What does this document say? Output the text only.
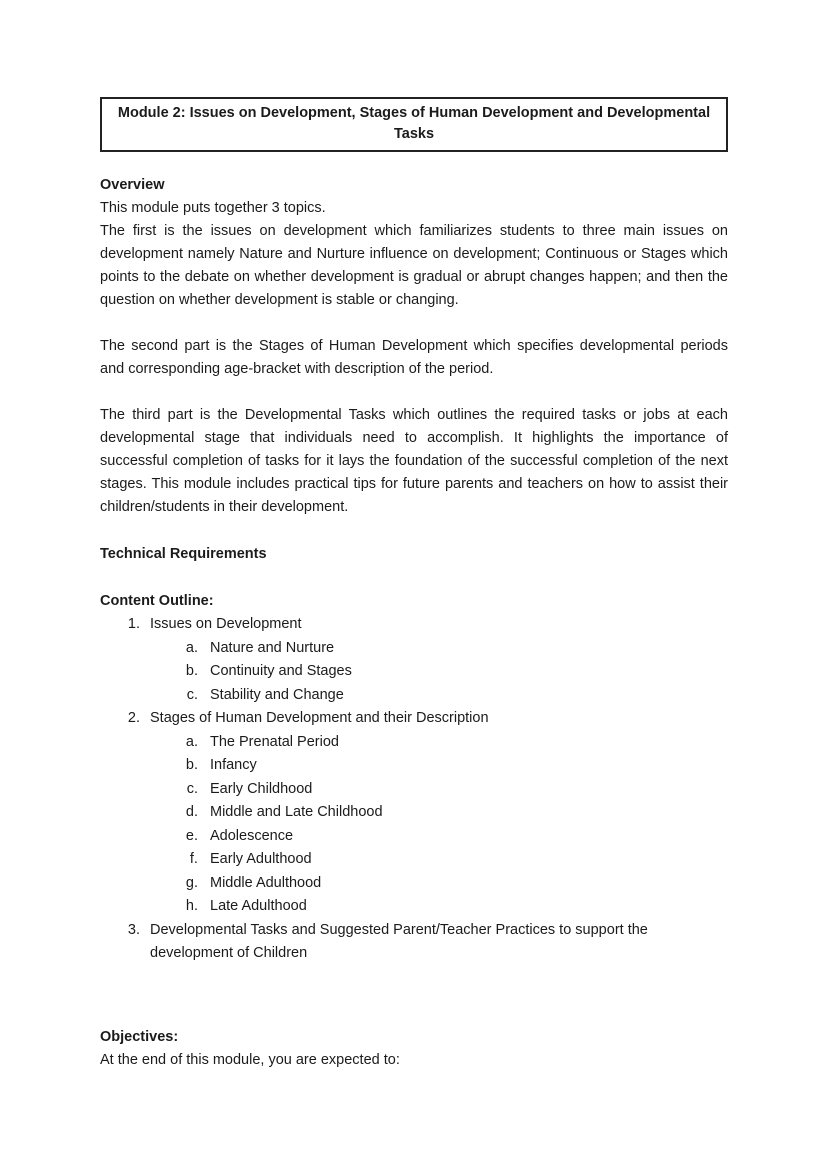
Module 2: Issues on Development, Stages of Human Development and Developmental Tasks

Overview

This module puts together 3 topics.

The first is the issues on development which familiarizes students to three main issues on development namely Nature and Nurture influence on development; Continuous or Stages which points to the debate on whether development is gradual or abrupt changes happen; and then the question on whether development is stable or changing.

The second part is the Stages of Human Development which specifies developmental periods and corresponding age-bracket with description of the period.

The third part is the Developmental Tasks which outlines the required tasks or jobs at each developmental stage that individuals need to accomplish. It highlights the importance of successful completion of tasks for it lays the foundation of the successful completion of the next stages. This module includes practical tips for future parents and teachers on how to assist their children/students in their development.

Technical Requirements

Content Outline:

1. Issues on Development
a. Nature and Nurture
b. Continuity and Stages
c. Stability and Change
2. Stages of Human Development and their Description
a. The Prenatal Period
b. Infancy
c. Early Childhood
d. Middle and Late Childhood
e. Adolescence
f. Early Adulthood
g. Middle Adulthood
h. Late Adulthood
3. Developmental Tasks and Suggested Parent/Teacher Practices to support the development of Children

Objectives:

At the end of this module, you are expected to:
